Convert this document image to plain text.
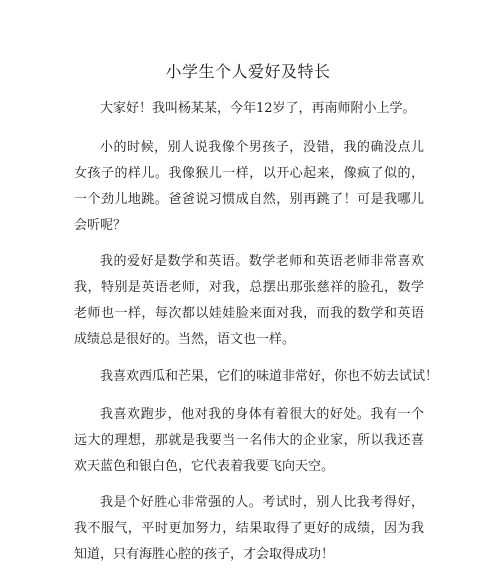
小学生个人爱好及特长

大家好！我叫杨某某，今年12岁了，再南师附小上学。

小的时候，别人说我像个男孩子，没错，我的确没点儿女孩子的样儿。我像猴儿一样，以开心起来，像疯了似的，一个劲儿地跳。爸爸说习惯成自然，别再跳了！可是我哪儿会听呢？

我的爱好是数学和英语。数学老师和英语老师非常喜欢我，特别是英语老师，对我，总摆出那张慈祥的脸孔，数学老师也一样，每次都以娃娃脸来面对我，而我的数学和英语成绩总是很好的。当然，语文也一样。

我喜欢西瓜和芒果，它们的味道非常好，你也不妨去试试！

我喜欢跑步，他对我的身体有着很大的好处。我有一个远大的理想，那就是我要当一名伟大的企业家，所以我还喜欢天蓝色和银白色，它代表着我要飞向天空。

我是个好胜心非常强的人。考试时，别人比我考得好，我不服气，平时更加努力，结果取得了更好的成绩，因为我知道，只有海胜心腔的孩子，才会取得成功！
